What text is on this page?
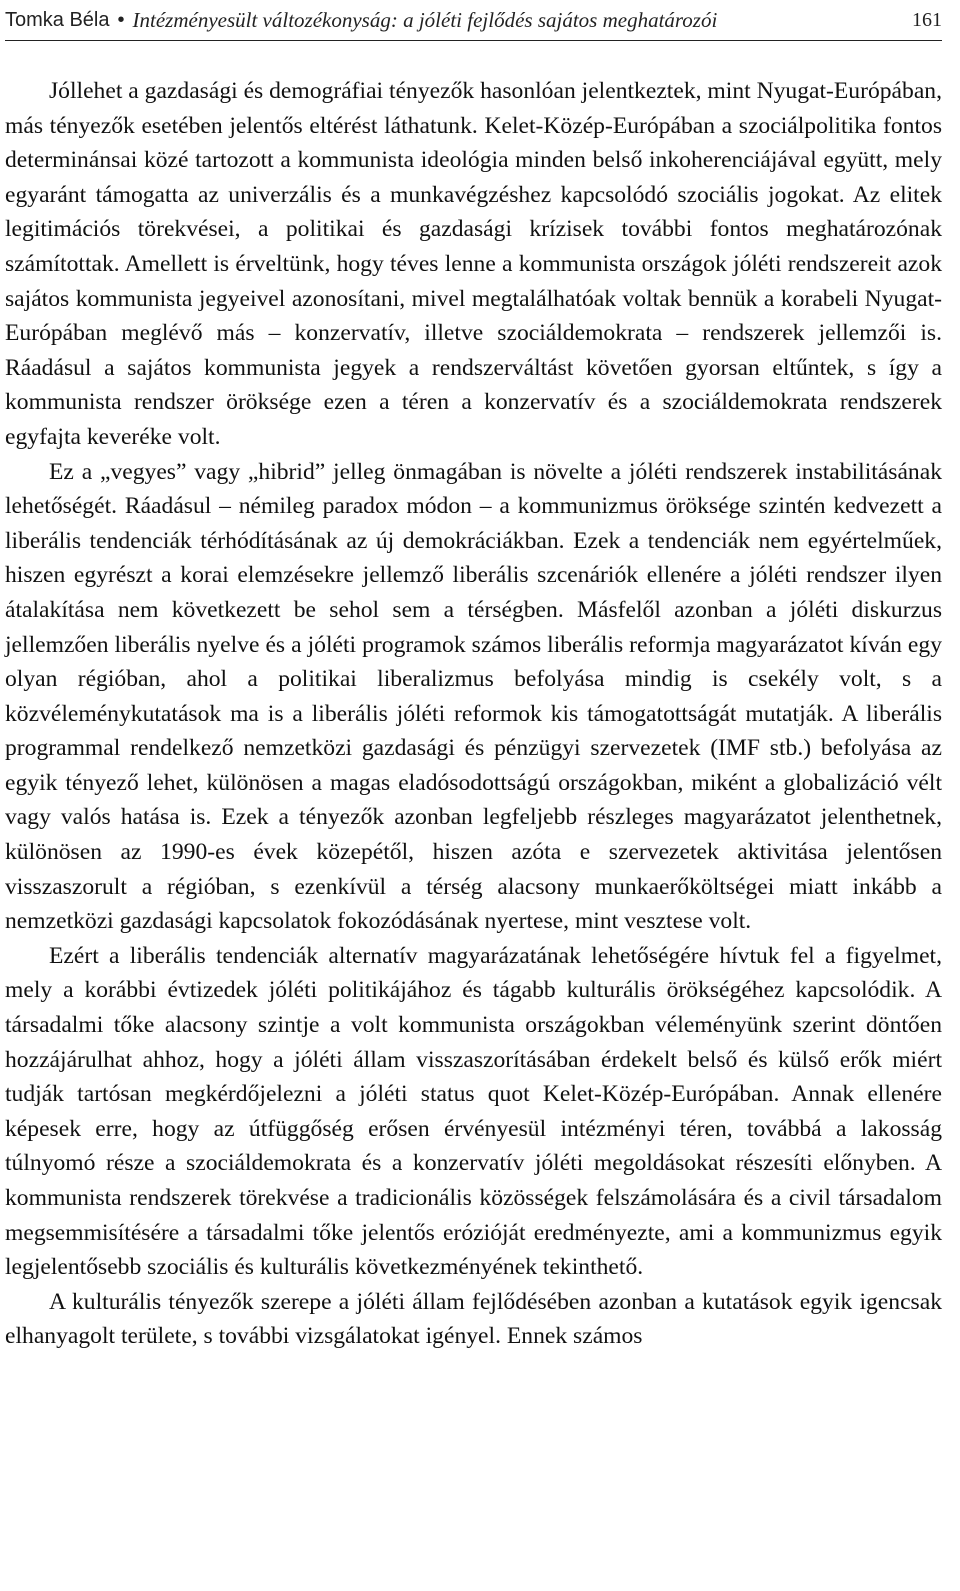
Tomka Béla • Intézményesült változékonyság: a jóléti fejlődés sajátos meghatározói	161

Jóllehet a gazdasági és demográfiai tényezők hasonlóan jelentkeztek, mint Nyugat-Európában, más tényezők esetében jelentős eltérést láthatunk. Kelet-Közép-Európában a szociálpolitika fontos determinánsai közé tartozott a kommunista ideológia minden belső inkoherenciájával együtt, mely egyaránt támogatta az univerzális és a munkavégzéshez kapcsolódó szociális jogokat. Az elitek legitimációs törekvései, a politikai és gazdasági krízisek további fontos meghatározónak számítottak. Amellett is érveltünk, hogy téves lenne a kommunista országok jóléti rendszereit azok sajátos kommunista jegyeivel azonosítani, mivel megtalálhatóak voltak bennük a korabeli Nyugat-Európában meglévő más – konzervatív, illetve szociáldemokrata – rendszerek jellemzői is. Ráadásul a sajátos kommunista jegyek a rendszerváltást követően gyorsan eltűntek, s így a kommunista rendszer öröksége ezen a téren a konzervatív és a szociáldemokrata rendszerek egyfajta keveréke volt.

Ez a „vegyes” vagy „hibrid” jelleg önmagában is növelte a jóléti rendszerek instabilitásának lehetőségét. Ráadásul – némileg paradox módon – a kommunizmus öröksége szintén kedvezett a liberális tendenciák térhódításának az új demokráciákban. Ezek a tendenciák nem egyértelműek, hiszen egyrészt a korai elemzésekre jellemző liberális szcenáriók ellenére a jóléti rendszer ilyen átalakítása nem következett be sehol sem a térségben. Másfelől azonban a jóléti diskurzus jellemzően liberális nyelve és a jóléti programok számos liberális reformja magyarázatot kíván egy olyan régióban, ahol a politikai liberalizmus befolyása mindig is csekély volt, s a közvéleménykutatások ma is a liberális jóléti reformok kis támogatottságát mutatják. A liberális programmal rendelkező nemzetközi gazdasági és pénzügyi szervezetek (IMF stb.) befolyása az egyik tényező lehet, különösen a magas eladósodottságú országokban, miként a globalizáció vélt vagy valós hatása is. Ezek a tényezők azonban legfeljebb részleges magyarázatot jelenthetnek, különösen az 1990-es évek közepétől, hiszen azóta e szervezetek aktivitása jelentősen visszaszorult a régióban, s ezenkívül a térség alacsony munkaerőköltségei miatt inkább a nemzetközi gazdasági kapcsolatok fokozódásának nyertese, mint vesztese volt.

Ezért a liberális tendenciák alternatív magyarázatának lehetőségére hívtuk fel a figyelmet, mely a korábbi évtizedek jóléti politikájához és tágabb kulturális örökségéhez kapcsolódik. A társadalmi tőke alacsony szintje a volt kommunista országokban véleményünk szerint döntően hozzájárulhat ahhoz, hogy a jóléti állam visszaszorításában érdekelt belső és külső erők miért tudják tartósan megkérdőjelezni a jóléti status quot Kelet-Közép-Európában. Annak ellenére képesek erre, hogy az útfüggőség erősen érvényesül intézményi téren, továbbá a lakosság túlnyomó része a szociáldemokrata és a konzervatív jóléti megoldásokat részesíti előnyben. A kommunista rendszerek törekvése a tradicionális közösségek felszámolására és a civil társadalom megsemmisítésére a társadalmi tőke jelentős erózióját eredményezte, ami a kommunizmus egyik legjelentősebb szociális és kulturális következményének tekinthető.

A kulturális tényezők szerepe a jóléti állam fejlődésében azonban a kutatások egyik igencsak elhanyagolt területe, s további vizsgálatokat igényel. Ennek számos
